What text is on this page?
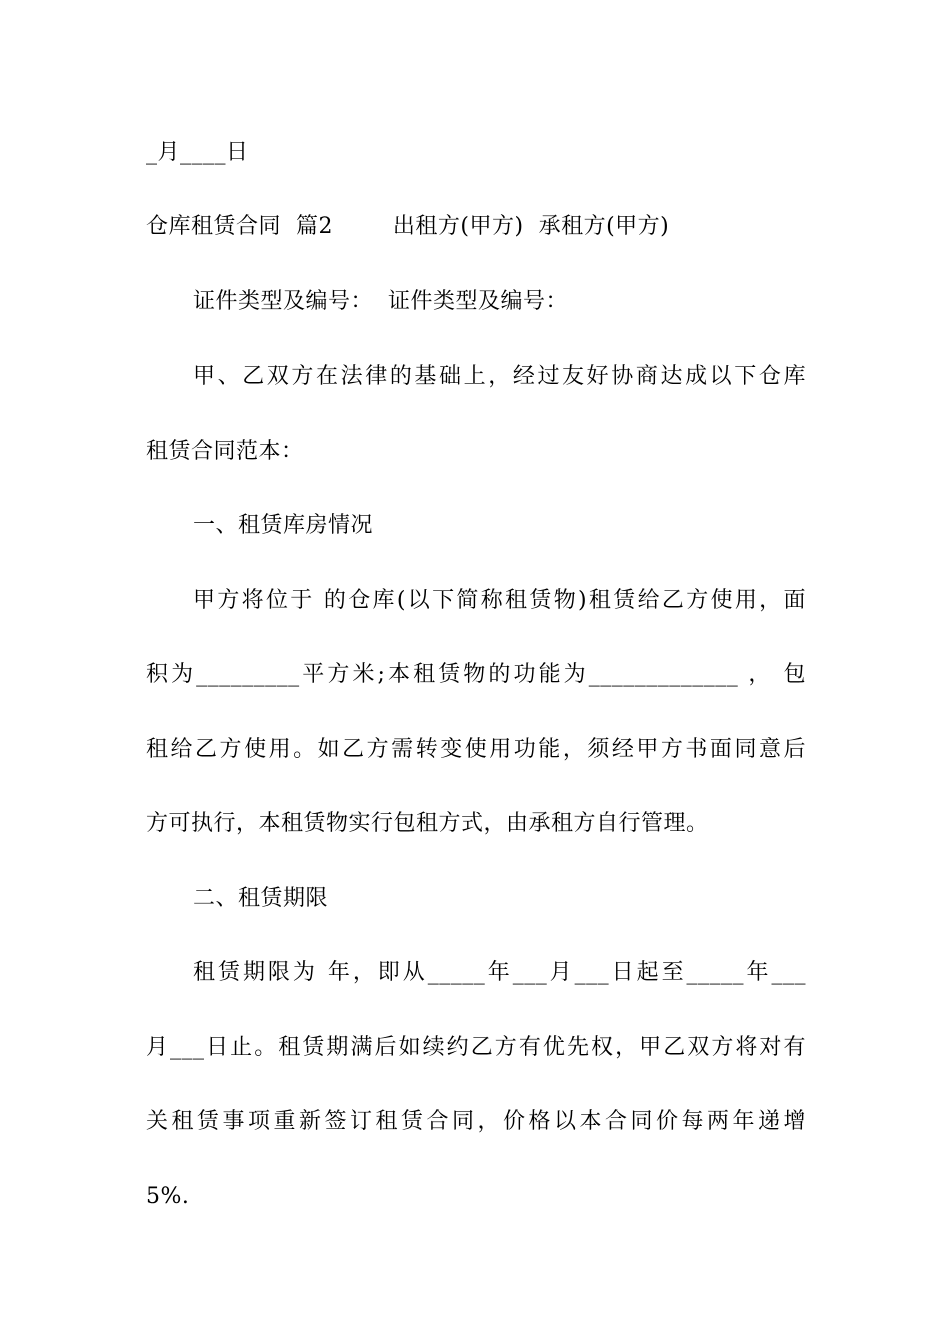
_月____日
仓库租赁合同  篇2        出租方(甲方)  承租方(甲方)
证件类型及编号：  证件类型及编号：
甲、乙双方在法律的基础上，经过友好协商达成以下仓库
租赁合同范本：
一、租赁库房情况
甲方将位于 的仓库(以下简称租赁物)租赁给乙方使用，面
积为_________平方米;本租赁物的功能为_____________ ， 包
租给乙方使用。如乙方需转变使用功能，须经甲方书面同意后
方可执行，本租赁物实行包租方式，由承租方自行管理。
二、租赁期限
租赁期限为 年，即从_____年___月___日起至_____年___
月___日止。租赁期满后如续约乙方有优先权，甲乙双方将对有
关租赁事项重新签订租赁合同，价格以本合同价每两年递增
5%.
